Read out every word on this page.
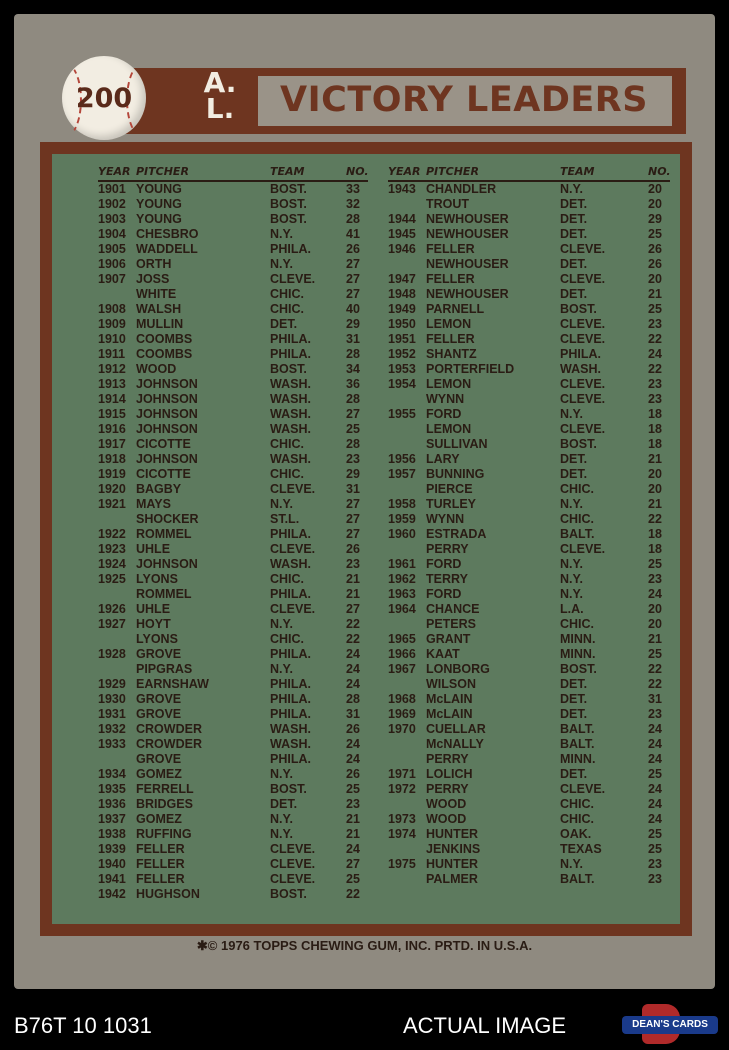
VICTORY LEADERS
A. L.
200
YEAR PITCHER	TEAM	NO.
1901 YOUNG	BOST.	33
1902 YOUNG	BOST.	32
1903 YOUNG	BOST.	28
1904 CHESBRO	N.Y.	41
1905 WADDELL	PHILA.	26
1906 ORTH	N.Y.	27
1907 JOSS	CLEVE. 27
WHITE	CHIC.	27
1908 WALSH	CHIC.	40
1909 MULLIN	DET.	29
1910 COOMBS	PHILA.	31
1911 COOMBS	PHILA.	28
1912 WOOD	BOST.	34
1913 JOHNSON	WASH.	36
1914 JOHNSON	WASH.	28
1915 JOHNSON	WASH.	27
1916 JOHNSON	WASH.	25
1917 CICOTTE	CHIC.	28
1918 JOHNSON	WASH.	23
1919 CICOTTE	CHIC.	29
1920 BAGBY	CLEVE. 31
1921 MAYS	N.Y.	27
SHOCKER	ST.L.	27
1922 ROMMEL	PHILA.	27
1923 UHLE	CLEVE. 26
1924 JOHNSON	WASH.	23
1925 LYONS	CHIC.	21
ROMMEL	PHILA.	21
1926 UHLE	CLEVE. 27
1927 HOYT	N.Y.	22
LYONS	CHIC.	22
1928 GROVE	PHILA.	24
PIPGRAS	N.Y.	24
1929 EARNSHAW	PHILA.	24
1930 GROVE	PHILA.	28
1931 GROVE	PHILA.	31
1932 CROWDER	WASH.	26
1933 CROWDER	WASH.	24
GROVE	PHILA.	24
1934 GOMEZ	N.Y.	26
1935 FERRELL	BOST.	25
1936 BRIDGES	DET.	23
1937 GOMEZ	N.Y.	21
1938 RUFFING	N.Y.	21
1939 FELLER	CLEVE. 24
1940 FELLER	CLEVE. 27
1941 FELLER	CLEVE. 25
1942 HUGHSON	BOST.	22
YEAR PITCHER	TEAM	NO.
1943 CHANDLER	N.Y.	20
TROUT	DET.	20
1944 NEWHOUSER	DET.	29
1945 NEWHOUSER	DET.	25
1946 FELLER	CLEVE.	26
NEWHOUSER	DET.	26
1947 FELLER	CLEVE.	20
1948 NEWHOUSER	DET.	21
1949 PARNELL	BOST.	25
1950 LEMON	CLEVE.	23
1951 FELLER	CLEVE.	22
1952 SHANTZ	PHILA.	24
1953 PORTERFIELD	WASH.	22
1954 LEMON	CLEVE.	23
WYNN	CLEVE.	23
1955 FORD	N.Y.	18
LEMON	CLEVE.	18
SULLIVAN	BOST.	18
1956 LARY	DET.	21
1957 BUNNING	DET.	20
PIERCE	CHIC.	20
1958 TURLEY	N.Y.	21
1959 WYNN	CHIC.	22
1960 ESTRADA	BALT.	18
PERRY	CLEVE.	18
1961 FORD	N.Y.	25
1962 TERRY	N.Y.	23
1963 FORD	N.Y.	24
1964 CHANCE	L.A.	20
PETERS	CHIC.	20
1965 GRANT	MINN.	21
1966 KAAT	MINN.	25
1967 LONBORG	BOST.	22
WILSON	DET.	22
1968 McLAIN	DET.	31
1969 McLAIN	DET.	23
1970 CUELLAR	BALT.	24
McNALLY	BALT.	24
PERRY	MINN.	24
1971 LOLICH	DET.	25
1972 PERRY	CLEVE.	24
WOOD	CHIC.	24
1973 WOOD	CHIC.	24
1974 HUNTER	OAK.	25
JENKINS	TEXAS	25
1975 HUNTER	N.Y.	23
PALMER	BALT.	23
✱© 1976 TOPPS CHEWING GUM, INC. PRTD. IN U.S.A.
B76T 10 1031	ACTUAL IMAGE	DEAN'S CARDS
